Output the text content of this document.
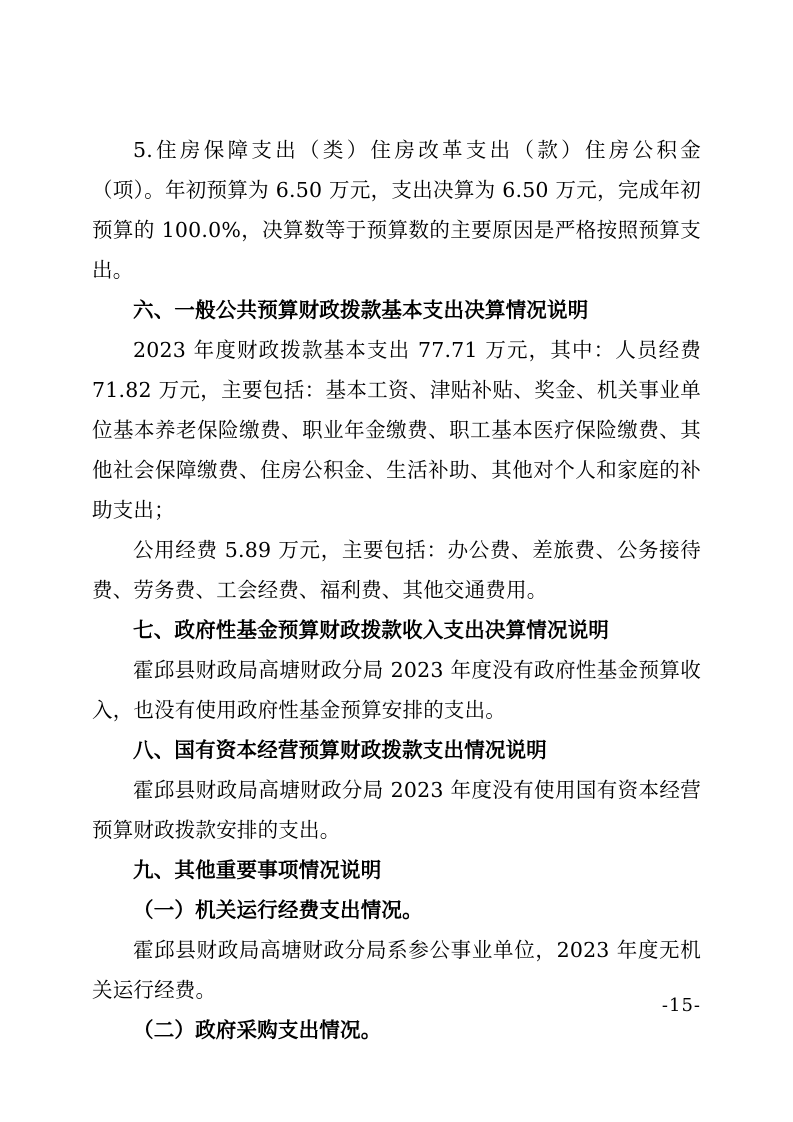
5.住房保障支出（类）住房改革支出（款）住房公积金（项）。年初预算为 6.50 万元，支出决算为 6.50 万元，完成年初预算的 100.0%，决算数等于预算数的主要原因是严格按照预算支出。

六、一般公共预算财政拨款基本支出决算情况说明

2023 年度财政拨款基本支出 77.71 万元，其中：人员经费 71.82 万元，主要包括：基本工资、津贴补贴、奖金、机关事业单位基本养老保险缴费、职业年金缴费、职工基本医疗保险缴费、其他社会保障缴费、住房公积金、生活补助、其他对个人和家庭的补助支出；

公用经费 5.89 万元，主要包括：办公费、差旅费、公务接待费、劳务费、工会经费、福利费、其他交通费用。

七、政府性基金预算财政拨款收入支出决算情况说明

霍邱县财政局高塘财政分局 2023 年度没有政府性基金预算收入，也没有使用政府性基金预算安排的支出。

八、国有资本经营预算财政拨款支出情况说明

霍邱县财政局高塘财政分局 2023 年度没有使用国有资本经营预算财政拨款安排的支出。

九、其他重要事项情况说明

（一）机关运行经费支出情况。

霍邱县财政局高塘财政分局系参公事业单位，2023 年度无机关运行经费。

（二）政府采购支出情况。

-15-
